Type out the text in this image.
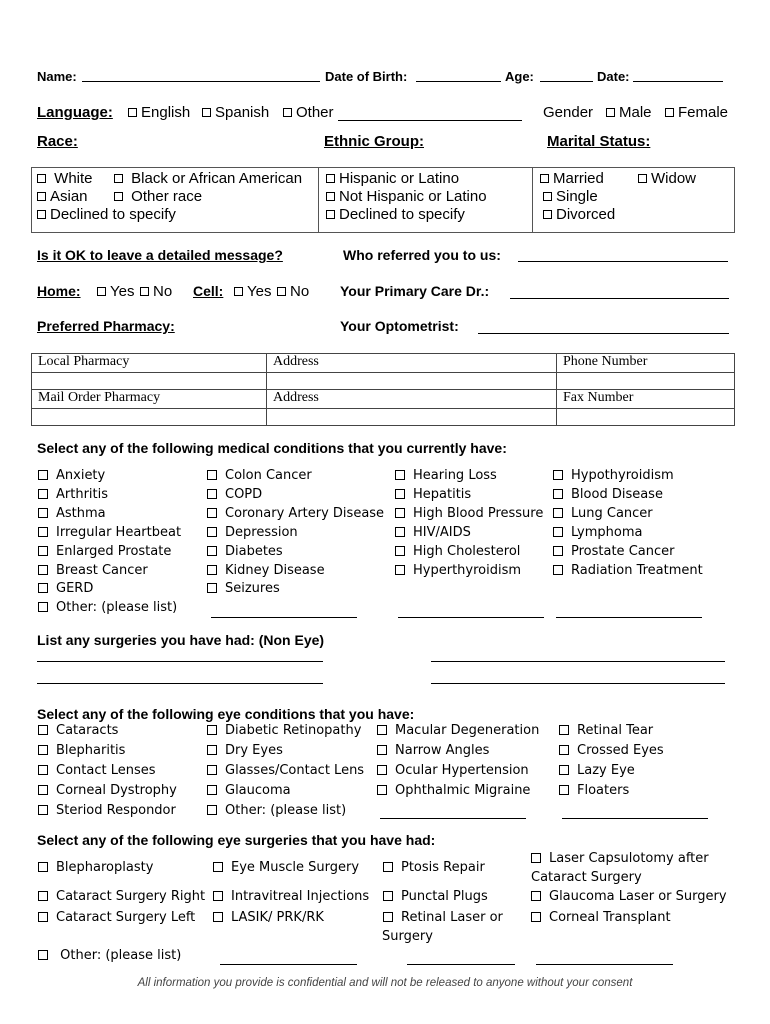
Name:	Date of Birth:	Age:	Date:
Language:	English	Spanish	Other	Gender	Male	Female
Race:	Ethnic Group:	Marital Status:
White	Black or African American
Asian	Other race
Declined to specify
Hispanic or Latino
Not Hispanic or Latino
Declined to specify
Married	Widow
Single
Divorced
Is it OK to leave a detailed message?	Who referred you to us:
Home:	Yes	No Cell:	Yes	No Your Primary Care Dr.:
Preferred Pharmacy:	Your Optometrist:
Local Pharmacy	Address	Phone Number

Mail Order Pharmacy	Address	Fax Number

Select any of the following medical conditions that you currently have:
Anxiety
Arthritis
Asthma
Irregular Heartbeat
Enlarged Prostate
Breast Cancer
GERD
Other: (please list)
Colon Cancer
COPD
Coronary Artery Disease
Depression
Diabetes
Kidney Disease
Seizures
Hearing Loss
Hepatitis
High Blood Pressure
HIV/AIDS
High Cholesterol
Hyperthyroidism
Hypothyroidism
Blood Disease
Lung Cancer
Lymphoma
Prostate Cancer
Radiation Treatment
List any surgeries you have had: (Non Eye)
Select any of the following eye conditions that you have:
Cataracts
Blepharitis
Contact Lenses
Corneal Dystrophy
Steriod Respondor
Diabetic Retinopathy
Dry Eyes
Glasses/Contact Lens
Glaucoma
Other: (please list)
Macular Degeneration
Narrow Angles
Ocular Hypertension
Ophthalmic Migraine
Retinal Tear
Crossed Eyes
Lazy Eye
Floaters
Select any of the following eye surgeries that you have had:
Blepharoplasty
Cataract Surgery Right
Cataract Surgery Left
Eye Muscle Surgery
Intravitreal Injections
LASIK/ PRK/RK
Ptosis Repair
Punctal Plugs
Retinal Laser or
Surgery
Laser Capsulotomy after
Cataract Surgery
Glaucoma Laser or Surgery
Corneal Transplant
Other: (please list)
All information you provide is confidential and will not be released to anyone without your consent
